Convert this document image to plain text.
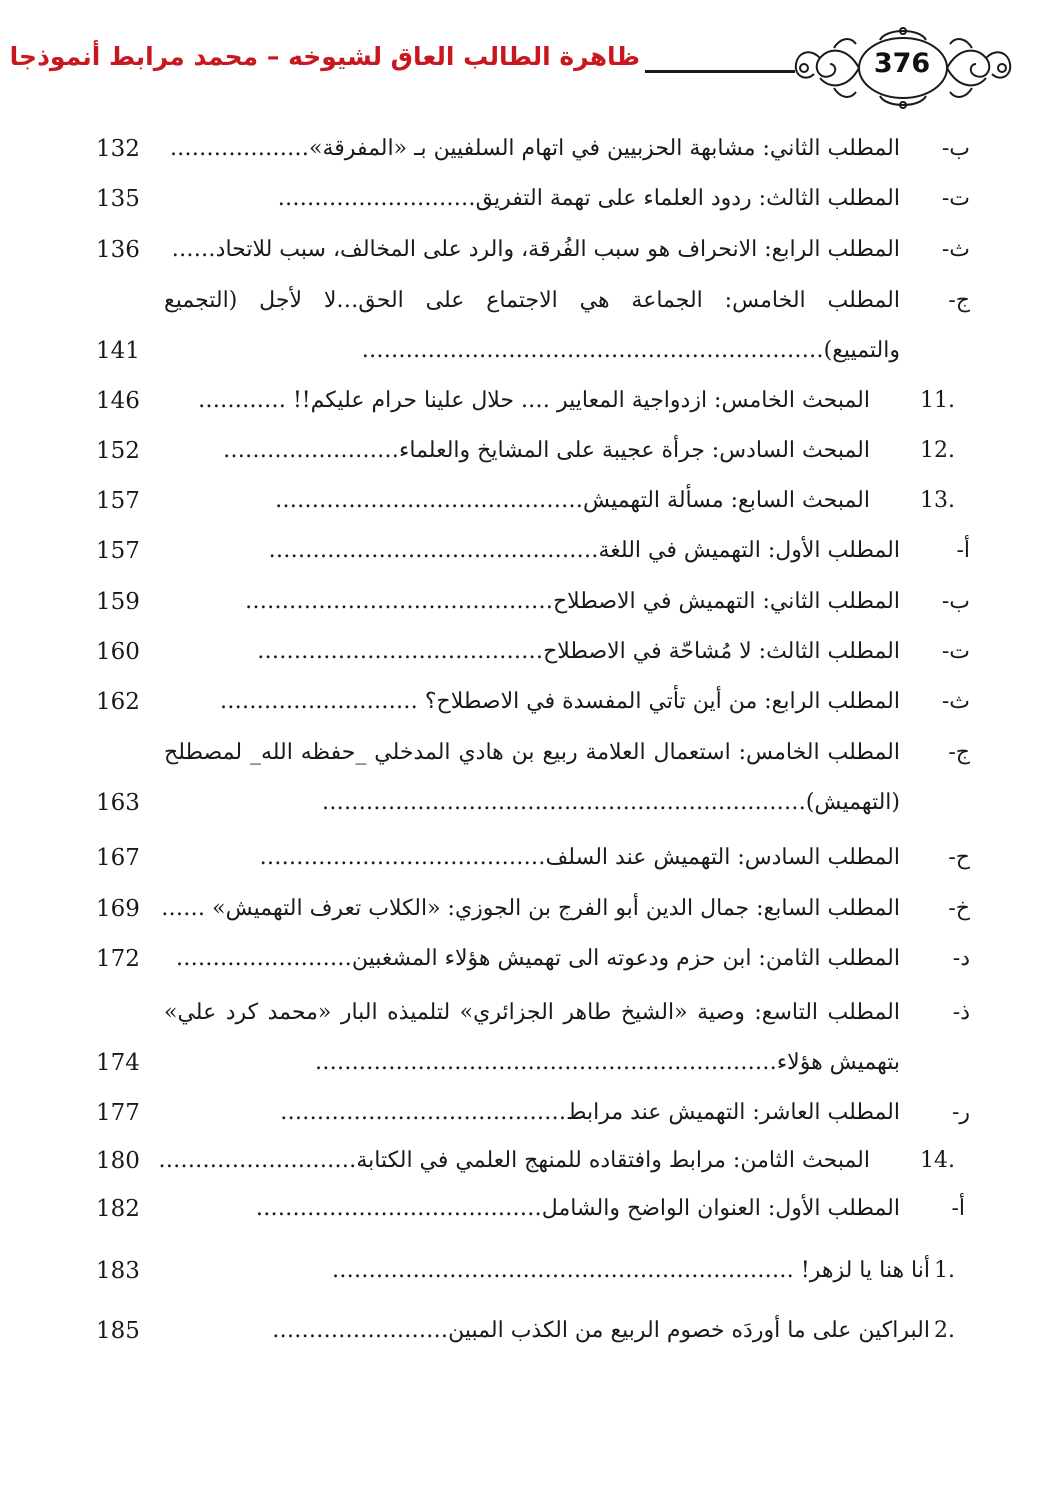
ظاهرة الطالب العاق لشيوخه – محمد مرابط أنموذجا	376
ب-
المطلب الثاني: مشابهة الحزبيين في اتهام السلفيين بـ «المفرقة»……………….
132
ت-
المطلب الثالث: ردود العلماء على تهمة التفريق………………………
135
ث-
المطلب الرابع: الانحراف هو سبب الفُرقة، والرد على المخالف، سبب للاتحاد……
136
ج-
المطلب الخامس: الجماعة هي الاجتماع على الحق…لا لأجل (التجميع
والتمييع)………………………………………………………
141
.11
المبحث الخامس: ازدواجية المعايير …. حلال علينا حرام عليكم!! …………
146
.12
المبحث السادس: جرأة عجيبة على المشايخ والعلماء……………………
152
.13
المبحث السابع: مسألة التهميش……………………………………
157
أ-
المطلب الأول: التهميش في اللغة………………………………………
157
ب-
المطلب الثاني: التهميش في الاصطلاح……………………………………
159
ت-
المطلب الثالث: لا مُشاحّة في الاصطلاح…………………………………
160
ث-
المطلب الرابع: من أين تأتي المفسدة في الاصطلاح؟ ………………………
162
ج-
المطلب الخامس: استعمال العلامة ربيع بن هادي المدخلي _حفظه الله_ لمصطلح
(التهميش)…………………………………………………………
163
ح-
المطلب السادس: التهميش عند السلف…………………………………
167
خ-
المطلب السابع: جمال الدين أبو الفرج بن الجوزي: «الكلاب تعرف التهميش» ……
169
د-
المطلب الثامن: ابن حزم ودعوته الى تهميش هؤلاء المشغبين……………………
172
ذ-
المطلب التاسع: وصية «الشيخ طاهر الجزائري» لتلميذه البار «محمد كرد علي»
بتهميش هؤلاء………………………………………………………
174
ر-
المطلب العاشر: التهميش عند مرابط…………………………………
177
.14
المبحث الثامن: مرابط وافتقاده للمنهج العلمي في الكتابة………………………
180
أ-
المطلب الأول: العنوان الواضح والشامل…………………………………
182
.1
أنا هنا يا لزهر! ………………………………………………………
183
.2
البراكين على ما أوردَه خصوم الربيع من الكذب المبين……………………
185
